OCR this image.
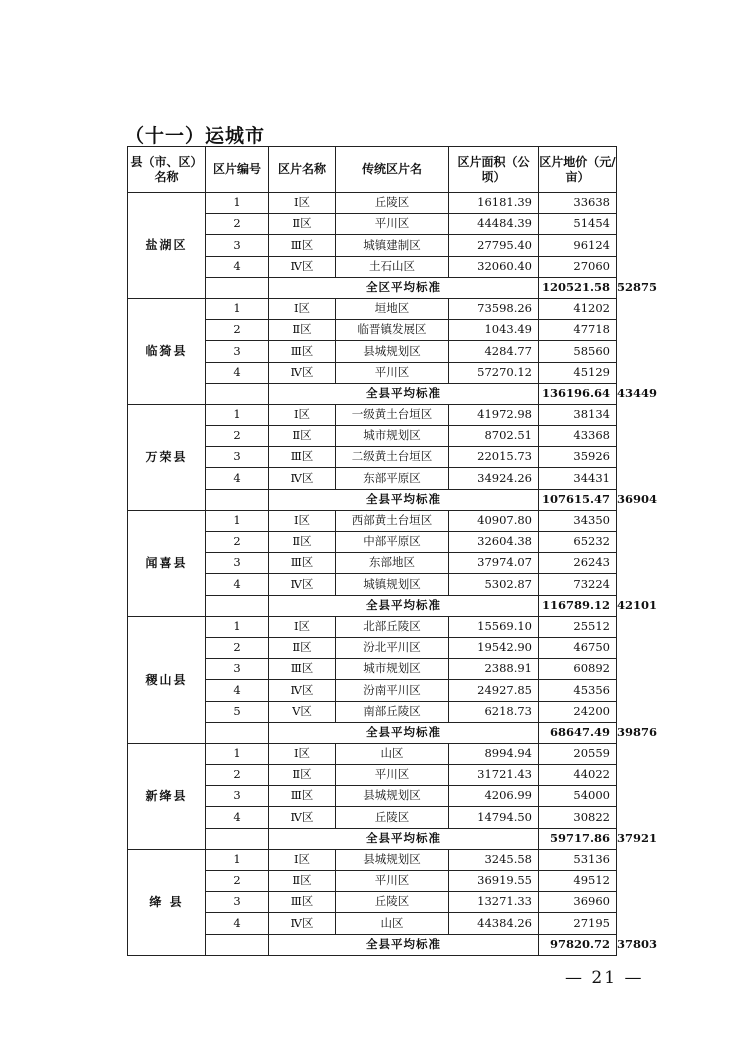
（十一）运城市
县（市、区）名称	区片编号	区片名称	传统区片名	区片面积（公顷）	区片地价（元/亩）	
盐湖区	1	Ⅰ区	丘陵区	16181.39	33638	
	2	Ⅱ区	平川区	44484.39	51454	
	3	Ⅲ区	城镇建制区	27795.40	96124	
	4	Ⅳ区	土石山区	32060.40	27060	
		全区平均标准			120521.58	52875
临猗县	1	Ⅰ区	垣地区	73598.26	41202	
	2	Ⅱ区	临晋镇发展区	1043.49	47718	
	3	Ⅲ区	县城规划区	4284.77	58560	
	4	Ⅳ区	平川区	57270.12	45129	
		全县平均标准			136196.64	43449
万荣县	1	Ⅰ区	一级黄土台垣区	41972.98	38134	
	2	Ⅱ区	城市规划区	8702.51	43368	
	3	Ⅲ区	二级黄土台垣区	22015.73	35926	
	4	Ⅳ区	东部平原区	34924.26	34431	
		全县平均标准			107615.47	36904
闻喜县	1	Ⅰ区	西部黄土台垣区	40907.80	34350	
	2	Ⅱ区	中部平原区	32604.38	65232	
	3	Ⅲ区	东部地区	37974.07	26243	
	4	Ⅳ区	城镇规划区	5302.87	73224	
		全县平均标准			116789.12	42101
稷山县	1	Ⅰ区	北部丘陵区	15569.10	25512	
	2	Ⅱ区	汾北平川区	19542.90	46750	
	3	Ⅲ区	城市规划区	2388.91	60892	
	4	Ⅳ区	汾南平川区	24927.85	45356	
	5	Ⅴ区	南部丘陵区	6218.73	24200	
		全县平均标准			68647.49	39876
新绛县	1	Ⅰ区	山区	8994.94	20559	
	2	Ⅱ区	平川区	31721.43	44022	
	3	Ⅲ区	县城规划区	4206.99	54000	
	4	Ⅳ区	丘陵区	14794.50	30822	
		全县平均标准			59717.86	37921
绛 县	1	Ⅰ区	县城规划区	3245.58	53136	
	2	Ⅱ区	平川区	36919.55	49512	
	3	Ⅲ区	丘陵区	13271.33	36960	
	4	Ⅳ区	山区	44384.26	27195	
		全县平均标准			97820.72	37803
— 21 —
